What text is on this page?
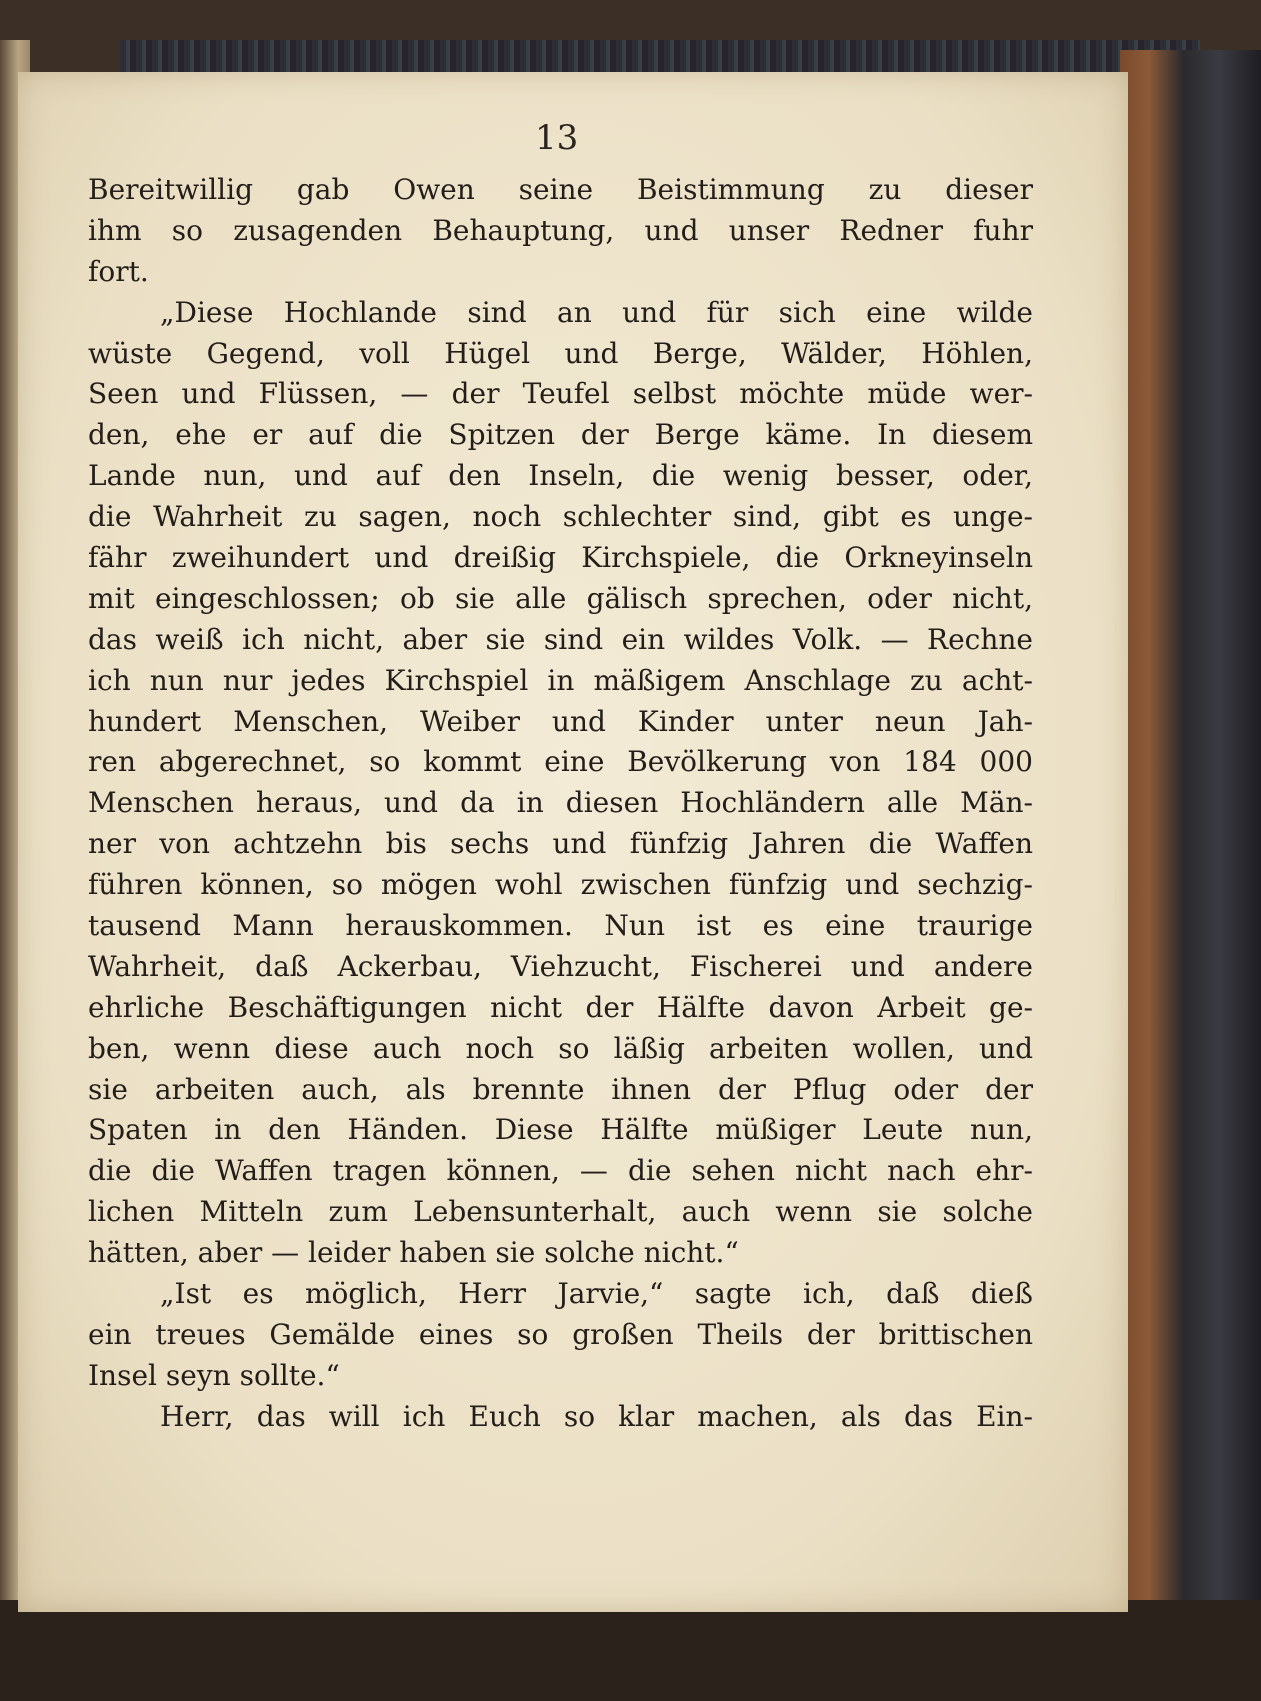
13
Bereitwillig gab Owen seine Beistimmung zu dieser
ihm so zusagenden Behauptung, und unser Redner fuhr
fort.
„Diese Hochlande sind an und für sich eine wilde
wüste Gegend, voll Hügel und Berge, Wälder, Höhlen,
Seen und Flüssen, — der Teufel selbst möchte müde wer-
den, ehe er auf die Spitzen der Berge käme. In diesem
Lande nun, und auf den Inseln, die wenig besser, oder,
die Wahrheit zu sagen, noch schlechter sind, gibt es unge-
fähr zweihundert und dreißig Kirchspiele, die Orkneyinseln
mit eingeschlossen; ob sie alle gälisch sprechen, oder nicht,
das weiß ich nicht, aber sie sind ein wildes Volk. — Rechne
ich nun nur jedes Kirchspiel in mäßigem Anschlage zu acht-
hundert Menschen, Weiber und Kinder unter neun Jah-
ren abgerechnet, so kommt eine Bevölkerung von 184 000
Menschen heraus, und da in diesen Hochländern alle Män-
ner von achtzehn bis sechs und fünfzig Jahren die Waffen
führen können, so mögen wohl zwischen fünfzig und sechzig-
tausend Mann herauskommen. Nun ist es eine traurige
Wahrheit, daß Ackerbau, Viehzucht, Fischerei und andere
ehrliche Beschäftigungen nicht der Hälfte davon Arbeit ge-
ben, wenn diese auch noch so läßig arbeiten wollen, und
sie arbeiten auch, als brennte ihnen der Pflug oder der
Spaten in den Händen. Diese Hälfte müßiger Leute nun,
die die Waffen tragen können, — die sehen nicht nach ehr-
lichen Mitteln zum Lebensunterhalt, auch wenn sie solche
hätten, aber — leider haben sie solche nicht.“
„Ist es möglich, Herr Jarvie,“ sagte ich, daß dieß
ein treues Gemälde eines so großen Theils der brittischen
Insel seyn sollte.“
Herr, das will ich Euch so klar machen, als das Ein-
